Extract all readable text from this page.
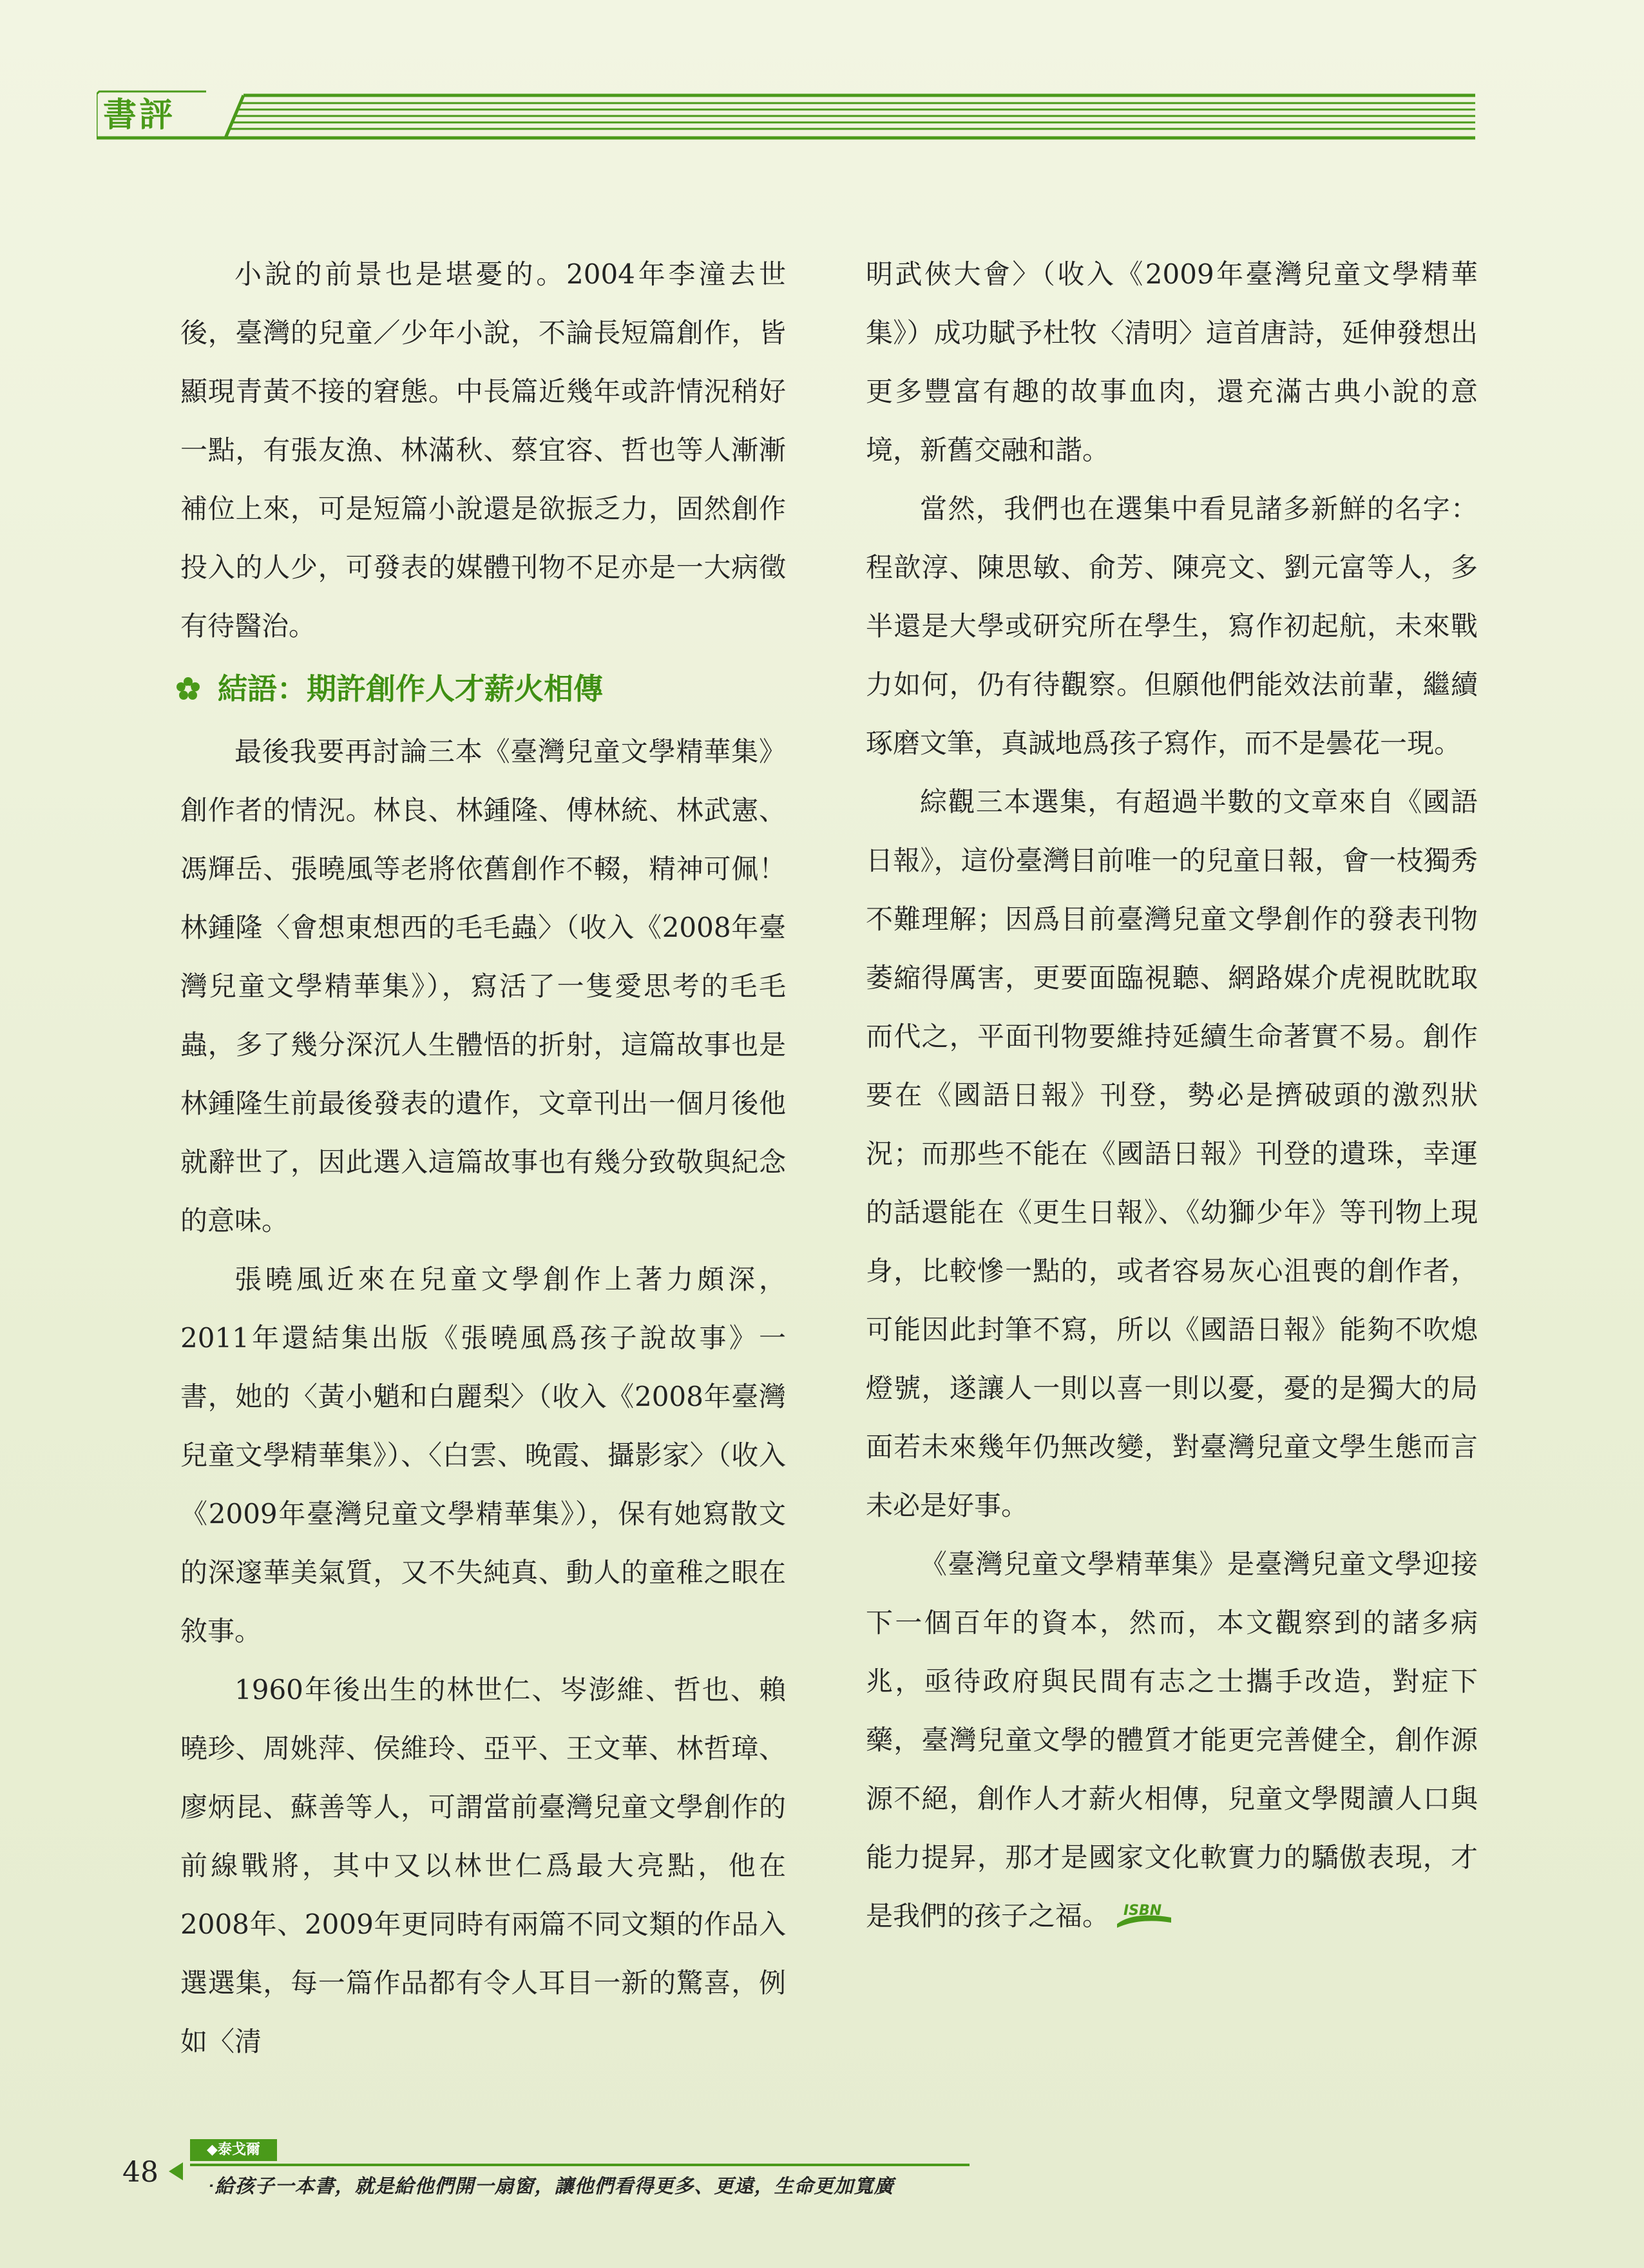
書評

小說的前景也是堪憂的。2004年李潼去世後，臺灣的兒童／少年小說，不論長短篇創作，皆顯現青黃不接的窘態。中長篇近幾年或許情況稍好一點，有張友漁、林滿秋、蔡宜容、哲也等人漸漸補位上來，可是短篇小說還是欲振乏力，固然創作投入的人少，可發表的媒體刊物不足亦是一大病徵有待醫治。

結語：期許創作人才薪火相傳

最後我要再討論三本《臺灣兒童文學精華集》創作者的情況。林良、林鍾隆、傅林統、林武憲、馮輝岳、張曉風等老將依舊創作不輟，精神可佩！林鍾隆〈會想東想西的毛毛蟲〉（收入《2008年臺灣兒童文學精華集》），寫活了一隻愛思考的毛毛蟲，多了幾分深沉人生體悟的折射，這篇故事也是林鍾隆生前最後發表的遺作，文章刊出一個月後他就辭世了，因此選入這篇故事也有幾分致敬與紀念的意味。

張曉風近來在兒童文學創作上著力頗深，2011年還結集出版《張曉風爲孩子說故事》一書，她的〈黃小魈和白麗梨〉（收入《2008年臺灣兒童文學精華集》）、〈白雲、晚霞、攝影家〉（收入《2009年臺灣兒童文學精華集》），保有她寫散文的深邃華美氣質，又不失純真、動人的童稚之眼在敘事。

1960年後出生的林世仁、岑澎維、哲也、賴曉珍、周姚萍、侯維玲、亞平、王文華、林哲璋、廖炳昆、蘇善等人，可謂當前臺灣兒童文學創作的前線戰將，其中又以林世仁爲最大亮點，他在2008年、2009年更同時有兩篇不同文類的作品入選選集，每一篇作品都有令人耳目一新的驚喜，例如〈清

明武俠大會〉（收入《2009年臺灣兒童文學精華集》）成功賦予杜牧〈清明〉這首唐詩，延伸發想出更多豐富有趣的故事血肉，還充滿古典小說的意境，新舊交融和諧。

當然，我們也在選集中看見諸多新鮮的名字：程歆淳、陳思敏、俞芳、陳亮文、劉元富等人，多半還是大學或研究所在學生，寫作初起航，未來戰力如何，仍有待觀察。但願他們能效法前輩，繼續琢磨文筆，真誠地爲孩子寫作，而不是曇花一現。

綜觀三本選集，有超過半數的文章來自《國語日報》，這份臺灣目前唯一的兒童日報，會一枝獨秀不難理解；因爲目前臺灣兒童文學創作的發表刊物萎縮得厲害，更要面臨視聽、網路媒介虎視眈眈取而代之，平面刊物要維持延續生命著實不易。創作要在《國語日報》刊登，勢必是擠破頭的激烈狀況；而那些不能在《國語日報》刊登的遺珠，幸運的話還能在《更生日報》、《幼獅少年》等刊物上現身，比較慘一點的，或者容易灰心沮喪的創作者，可能因此封筆不寫，所以《國語日報》能夠不吹熄燈號，遂讓人一則以喜一則以憂，憂的是獨大的局面若未來幾年仍無改變，對臺灣兒童文學生態而言未必是好事。

《臺灣兒童文學精華集》是臺灣兒童文學迎接下一個百年的資本，然而，本文觀察到的諸多病兆，亟待政府與民間有志之士攜手改造，對症下藥，臺灣兒童文學的體質才能更完善健全，創作源源不絕，創作人才薪火相傳，兒童文學閱讀人口與能力提昇，那才是國家文化軟實力的驕傲表現，才是我們的孩子之福。 ISBN

48
◆泰戈爾
‧給孩子一本書，就是給他們開一扇窗，讓他們看得更多、更遠，生命更加寬廣
